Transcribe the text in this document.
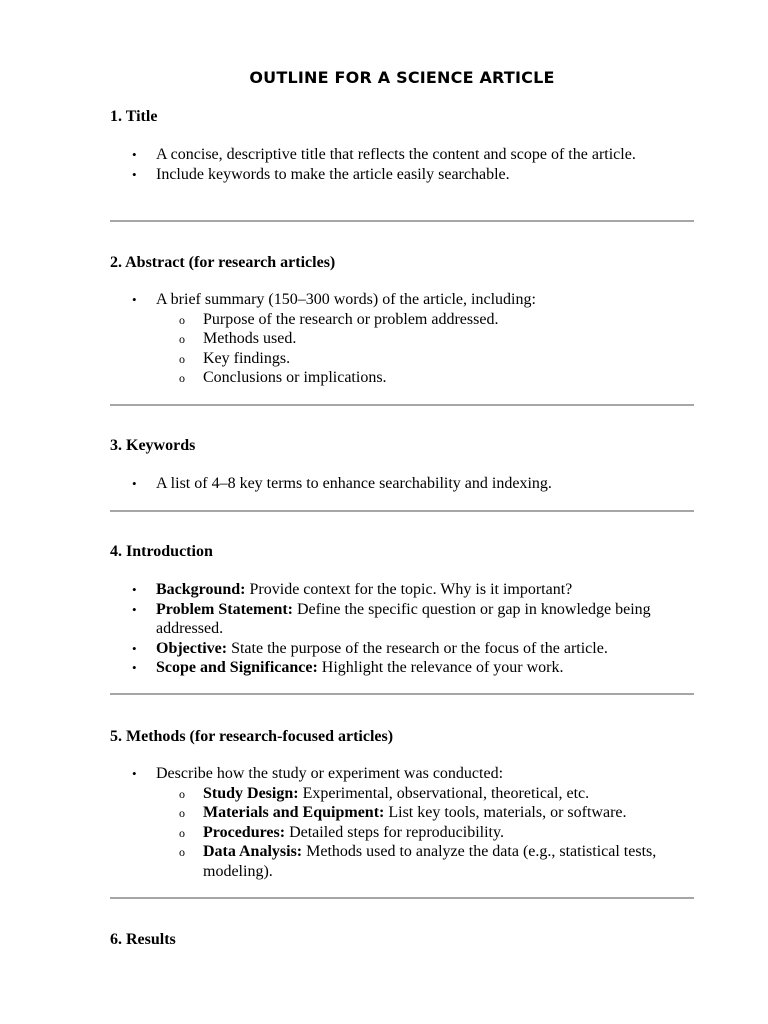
OUTLINE FOR A SCIENCE ARTICLE
1. Title
• A concise, descriptive title that reflects the content and scope of the article.
• Include keywords to make the article easily searchable.
2. Abstract (for research articles)
• A brief summary (150–300 words) of the article, including:
o Purpose of the research or problem addressed.
o Methods used.
o Key findings.
o Conclusions or implications.
3. Keywords
• A list of 4–8 key terms to enhance searchability and indexing.
4. Introduction
• Background: Provide context for the topic. Why is it important?
• Problem Statement: Define the specific question or gap in knowledge being addressed.
• Objective: State the purpose of the research or the focus of the article.
• Scope and Significance: Highlight the relevance of your work.
5. Methods (for research-focused articles)
• Describe how the study or experiment was conducted:
o Study Design: Experimental, observational, theoretical, etc.
o Materials and Equipment: List key tools, materials, or software.
o Procedures: Detailed steps for reproducibility.
o Data Analysis: Methods used to analyze the data (e.g., statistical tests, modeling).
6. Results
